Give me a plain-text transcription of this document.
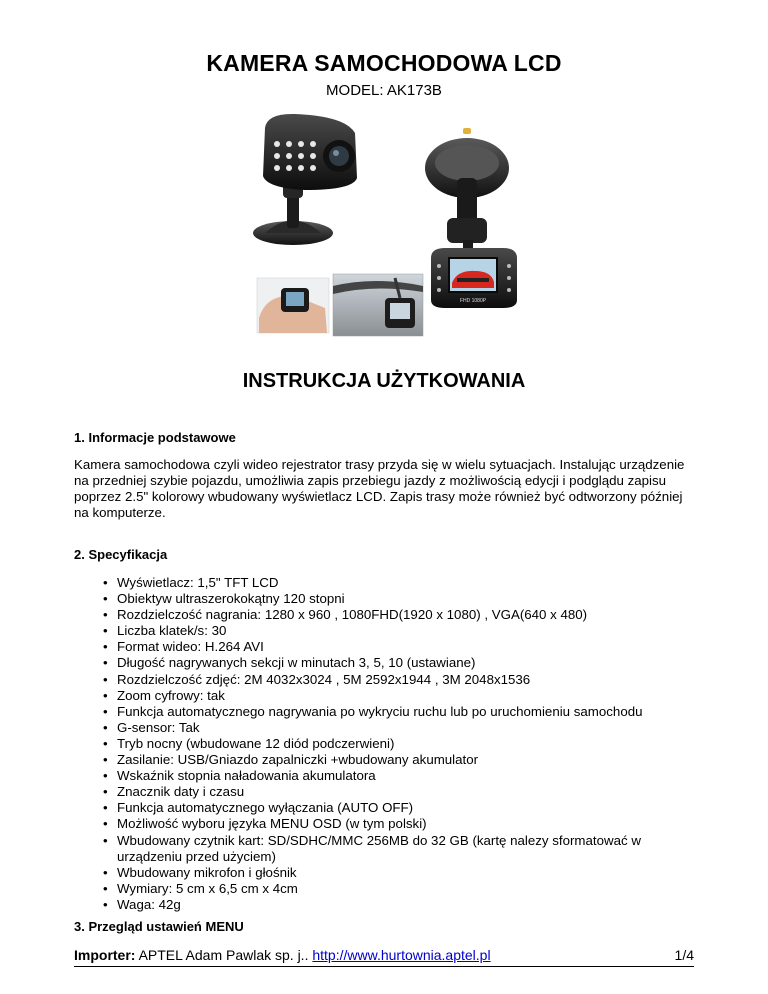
KAMERA SAMOCHODOWA LCD
MODEL: AK173B
FHD 1080P
INSTRUKCJA UŻYTKOWANIA
1. Informacje podstawowe

Kamera samochodowa czyli wideo rejestrator trasy przyda się w wielu sytuacjach. Instalując urządzenie na przedniej szybie pojazdu, umożliwia zapis przebiegu jazdy z możliwością edycji i podglądu zapisu poprzez 2.5" kolorowy wbudowany wyświetlacz LCD. Zapis trasy może również być odtworzony później na komputerze.

2. Specyfikacja
• Wyświetlacz: 1,5" TFT LCD
• Obiektyw ultraszerokokątny 120 stopni
• Rozdzielczość nagrania: 1280 x 960 , 1080FHD(1920 x 1080) , VGA(640 x 480)
• Liczba klatek/s: 30
• Format wideo: H.264 AVI
• Długość nagrywanych sekcji w minutach 3, 5, 10 (ustawiane)
• Rozdzielczość zdjęć: 2M 4032x3024 , 5M 2592x1944 , 3M 2048x1536
• Zoom cyfrowy: tak
• Funkcja automatycznego nagrywania po wykryciu ruchu lub po uruchomieniu samochodu
• G-sensor: Tak
• Tryb nocny (wbudowane 12 diód podczerwieni)
• Zasilanie: USB/Gniazdo zapalniczki +wbudowany akumulator
• Wskaźnik stopnia naładowania akumulatora
• Znacznik daty i czasu
• Funkcja automatycznego wyłączania (AUTO OFF)
• Możliwość wyboru języka MENU OSD (w tym polski)
• Wbudowany czytnik kart: SD/SDHC/MMC 256MB do 32 GB (kartę nalezy sformatować w urządzeniu przed użyciem)
• Wbudowany mikrofon i głośnik
• Wymiary: 5 cm x 6,5 cm x 4cm
• Waga: 42g
3. Przegląd ustawień MENU
Importer: APTEL Adam Pawlak sp. j.. http://www.hurtownia.aptel.pl	1/4
